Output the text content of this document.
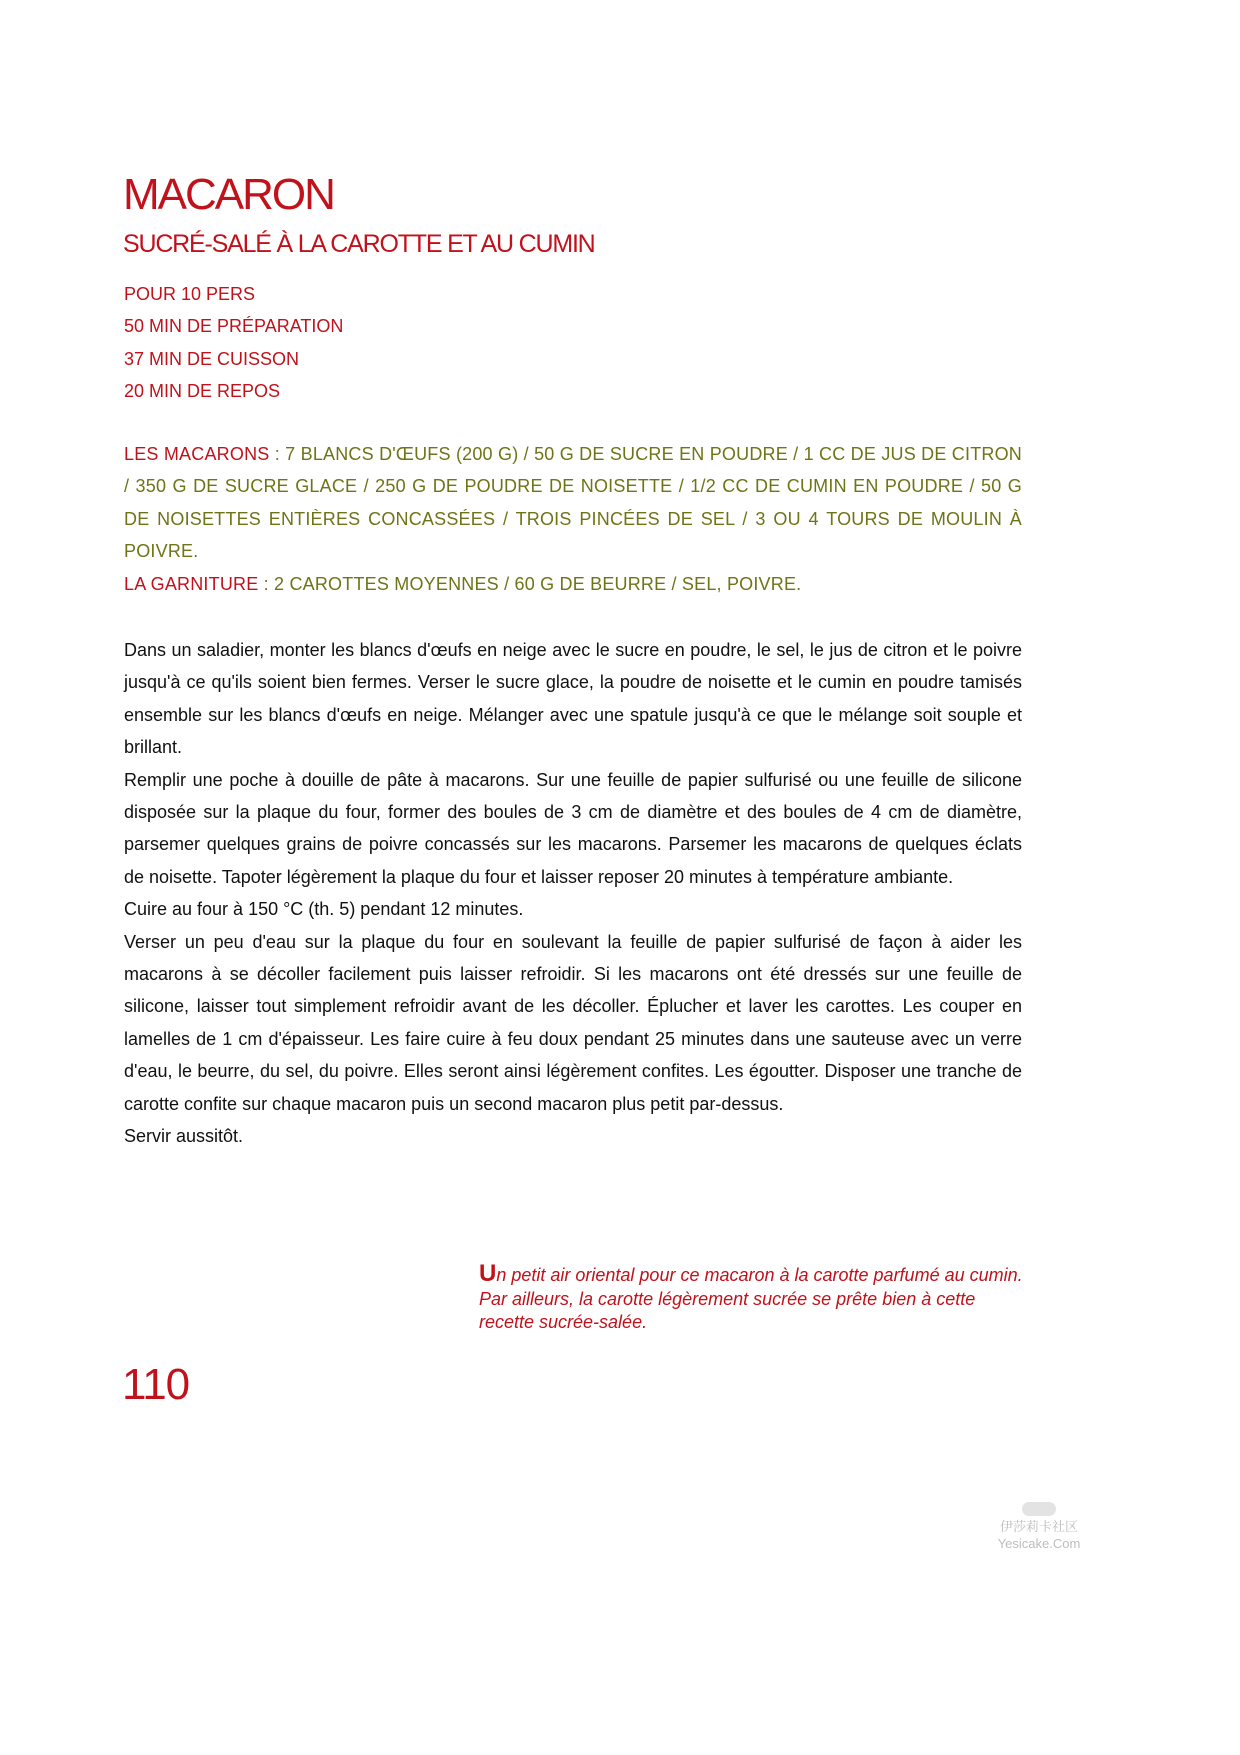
MACARON
SUCRÉ-SALÉ À LA CAROTTE ET AU CUMIN
POUR 10 PERS
50 MIN DE PRÉPARATION
37 MIN DE CUISSON
20 MIN DE REPOS

LES MACARONS : 7 BLANCS D'ŒUFS (200 G) / 50 G DE SUCRE EN POUDRE / 1 CC DE JUS DE CITRON / 350 G DE SUCRE GLACE / 250 G DE POUDRE DE NOISETTE / 1/2 CC DE CUMIN EN POUDRE / 50 G DE NOISETTES ENTIÈRES CONCASSÉES / TROIS PINCÉES DE SEL / 3 OU 4 TOURS DE MOULIN À POIVRE.

LA GARNITURE : 2 CAROTTES MOYENNES / 60 G DE BEURRE / SEL, POIVRE.

Dans un saladier, monter les blancs d'œufs en neige avec le sucre en poudre, le sel, le jus de citron et le poivre jusqu'à ce qu'ils soient bien fermes. Verser le sucre glace, la poudre de noisette et le cumin en poudre tamisés ensemble sur les blancs d'œufs en neige. Mélanger avec une spatule jusqu'à ce que le mélange soit souple et brillant.

Remplir une poche à douille de pâte à macarons. Sur une feuille de papier sulfurisé ou une feuille de silicone disposée sur la plaque du four, former des boules de 3 cm de diamètre et des boules de 4 cm de diamètre, parsemer quelques grains de poivre concassés sur les macarons. Parsemer les macarons de quelques éclats de noisette. Tapoter légèrement la plaque du four et laisser reposer 20 minutes à température ambiante.

Cuire au four à 150 °C (th. 5) pendant 12 minutes.

Verser un peu d'eau sur la plaque du four en soulevant la feuille de papier sulfurisé de façon à aider les macarons à se décoller facilement puis laisser refroidir. Si les macarons ont été dressés sur une feuille de silicone, laisser tout simplement refroidir avant de les décoller. Éplucher et laver les carottes. Les couper en lamelles de 1 cm d'épaisseur. Les faire cuire à feu doux pendant 25 minutes dans une sauteuse avec un verre d'eau, le beurre, du sel, du poivre. Elles seront ainsi légèrement confites. Les égoutter. Disposer une tranche de carotte confite sur chaque macaron puis un second macaron plus petit par-dessus.

Servir aussitôt.

Un petit air oriental pour ce macaron à la carotte parfumé au cumin. Par ailleurs, la carotte légèrement sucrée se prête bien à cette recette sucrée-salée.
110
伊莎莉卡社区
Yesicake.Com
